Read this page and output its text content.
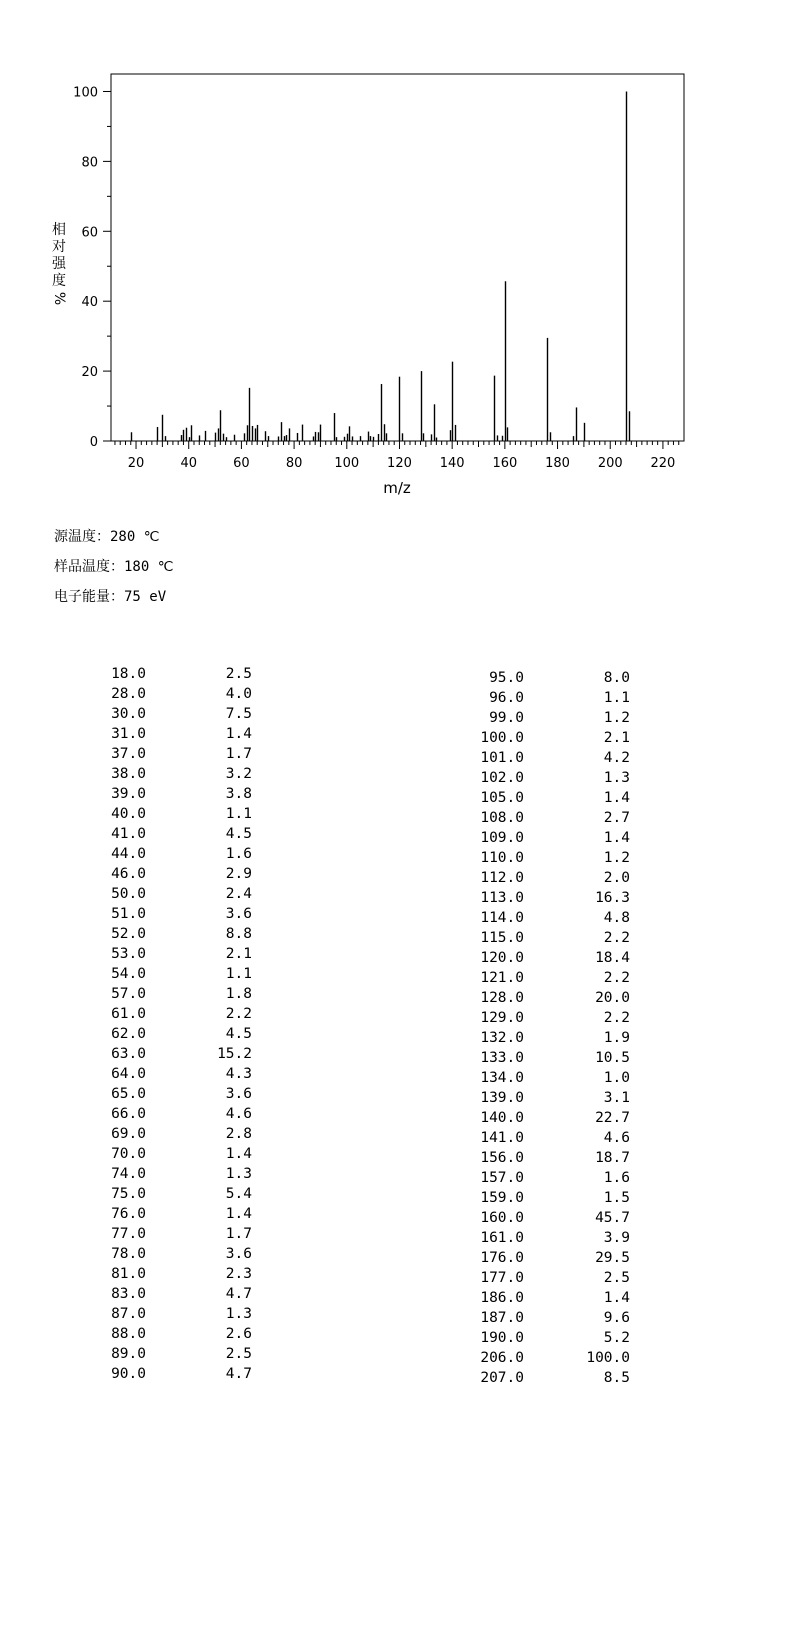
20	40	60	80 100 120 140 160 180 200 220
0
20
40
60
80
100
m/z
相对强度
%
源温度：280 ℃
样品温度：180 ℃
电子能量：75 eV
18.0	2.5
28.0	4.0
30.0	7.5
31.0	1.4
37.0	1.7
38.0	3.2
39.0	3.8
40.0	1.1
41.0	4.5
44.0	1.6
46.0	2.9
50.0	2.4
51.0	3.6
52.0	8.8
53.0	2.1
54.0	1.1
57.0	1.8
61.0	2.2
62.0	4.5
63.0	15.2
64.0	4.3
65.0	3.6
66.0	4.6
69.0	2.8
70.0	1.4
74.0	1.3
75.0	5.4
76.0	1.4
77.0	1.7
78.0	3.6
81.0	2.3
83.0	4.7
87.0	1.3
88.0	2.6
89.0	2.5
90.0	4.7
95.0	8.0
96.0	1.1
99.0	1.2
100.0	2.1
101.0	4.2
102.0	1.3
105.0	1.4
108.0	2.7
109.0	1.4
110.0	1.2
112.0	2.0
113.0	16.3
114.0	4.8
115.0	2.2
120.0	18.4
121.0	2.2
128.0	20.0
129.0	2.2
132.0	1.9
133.0	10.5
134.0	1.0
139.0	3.1
140.0	22.7
141.0	4.6
156.0	18.7
157.0	1.6
159.0	1.5
160.0	45.7
161.0	3.9
176.0	29.5
177.0	2.5
186.0	1.4
187.0	9.6
190.0	5.2
206.0	100.0
207.0	8.5
